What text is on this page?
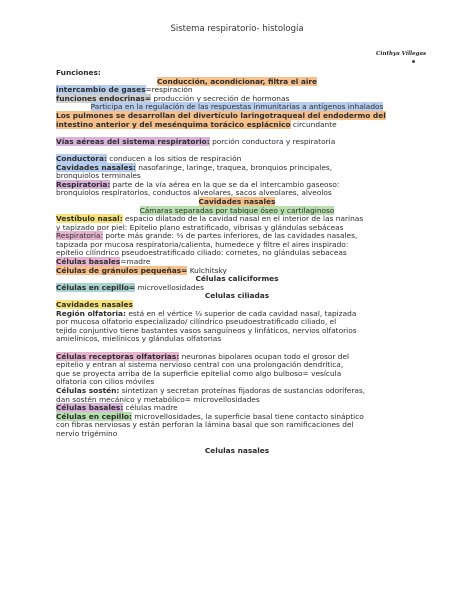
Sistema respiratorio- histología
Cinthya Villegas
Funciones:
Conducción, acondicionar, filtra el aire
intercambio de gases=respiración
funciones endocrinas= producción y secreción de hormonas
Participa en la regulación de las respuestas inmunitarias a antígenos inhalados
Los pulmones se desarrollan del divertículo laringotraqueal del endodermo del
intestino anterior y del mesénquima torácico esplácnico circundante
Vías aéreas del sistema respiratorio: porción conductora y respiratoria
Conductora: conducen a los sitios de respiración
Cavidades nasales: nasofaringe, laringe, traquea, bronquios principales,
bronquiolos terminales
Respiratoria: parte de la vía aérea en la que se da el intercambio gaseoso:
bronquiolos respiratorios, conductos alveolares, sacos alveolares, alveolos
Cavidades nasales
Cámaras separadas por tabique óseo y cartilaginoso
Vestíbulo nasal: espacio dilatado de la cavidad nasal en el interior de las narinas
y tapizado por piel: Epitelio plano estratificado, vibrisas y glándulas sebáceas
Respiratoria: porte más grande: ⅔ de partes inferiores, de las cavidades nasales,
tapizada por mucosa respiratoria/calienta, humedece y filtre el aires inspirado:
epitelio cilíndrico pseudoestratificado ciliado: cornetes, no glándulas sebaceas
Células basales=madre
Células de gránulos pequeñas= Kulchitsky
Células caliciformes
Células en cepillo= microvellosidades
Celulas ciliadas
Cavidades nasales
Región olfatoria: está en el vértice ⅓ superior de cada cavidad nasal, tapizada
por mucosa olfatorio especializado/ cilíndrico pseudoestratificado ciliado, el
tejido conjuntivo tiene bastantes vasos sanguíneos y linfáticos, nervios olfatorios
amielínicos, mielínicos y glándulas olfatorias
Células receptoras olfatorias: neuronas bipolares ocupan todo el grosor del
epitelio y entran al sistema nervioso central con una prolongación dendrítica,
que se proyecta arriba de la superficie epitelial como algo bulboso= vesícula
olfatoria con cilios móviles
Células sostén: sintetizan y secretan proteínas fijadoras de sustancias odoríferas,
dan sostén mecánico y metabólico= microvellosidades
Células basales: células madre
Células en cepillo: microvellosidades, la superficie basal tiene contacto sináptico
con fibras nerviosas y están perforan la lámina basal que son ramificaciones del
nervio trigémino
Celulas nasales
